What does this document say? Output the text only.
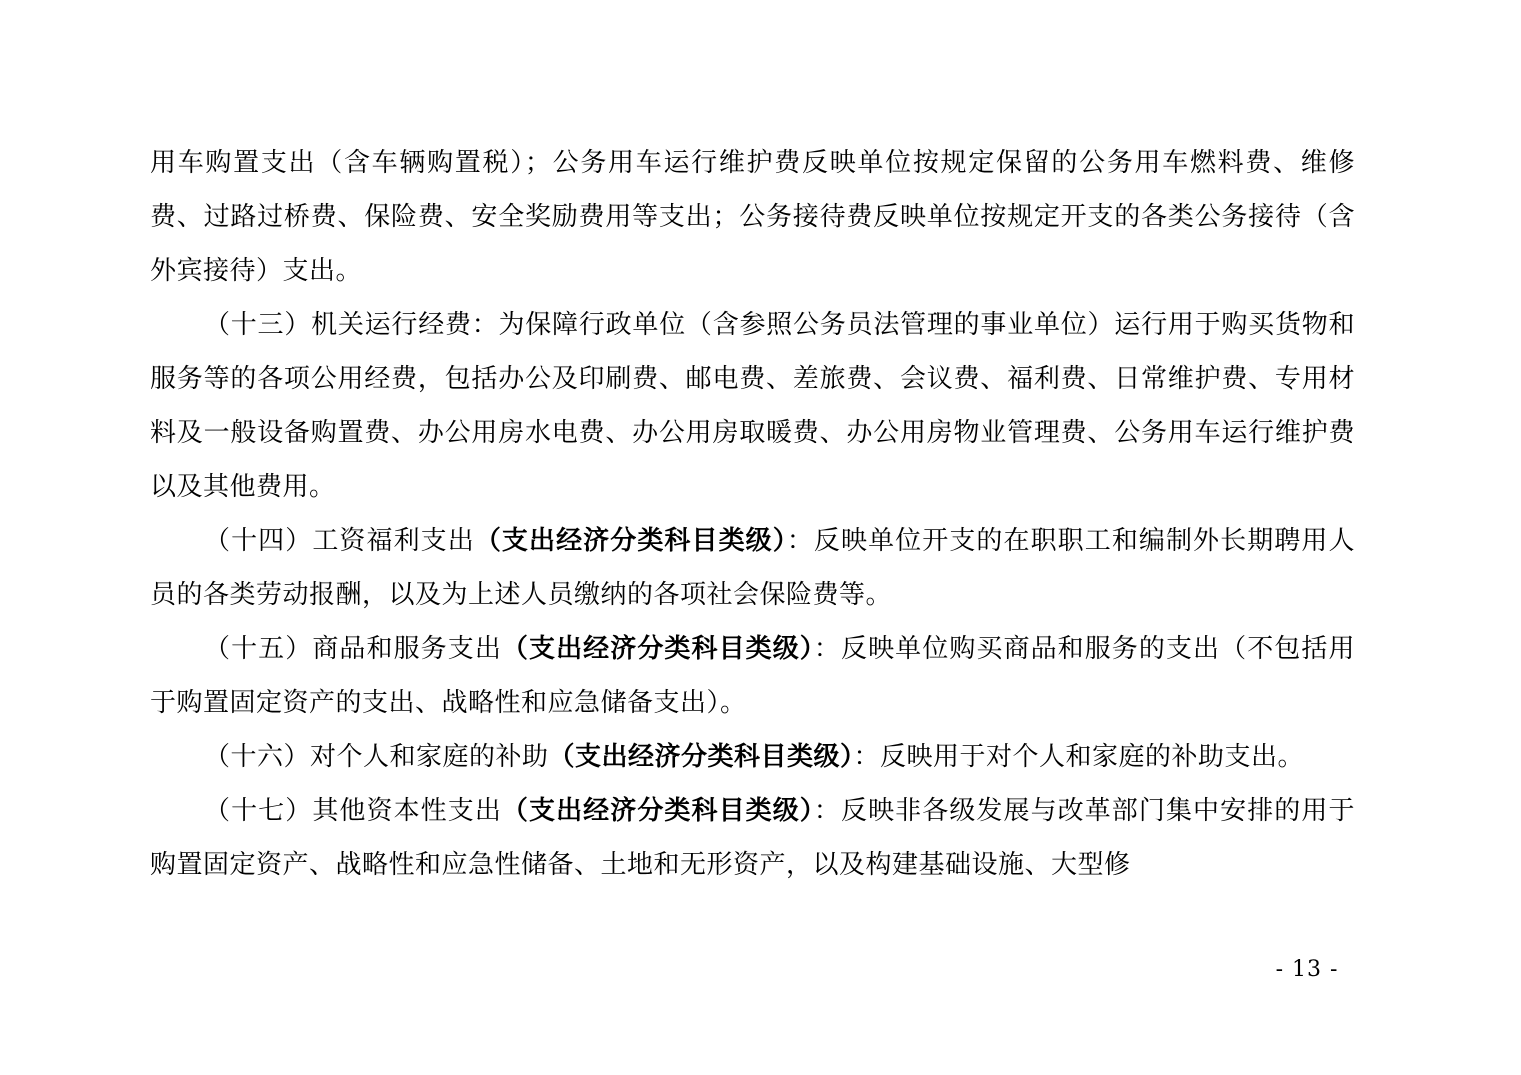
用车购置支出（含车辆购置税）；公务用车运行维护费反映单位按规定保留的公务用车燃料费、维修费、过路过桥费、保险费、安全奖励费用等支出；公务接待费反映单位按规定开支的各类公务接待（含外宾接待）支出。

（十三）机关运行经费：为保障行政单位（含参照公务员法管理的事业单位）运行用于购买货物和服务等的各项公用经费，包括办公及印刷费、邮电费、差旅费、会议费、福利费、日常维护费、专用材料及一般设备购置费、办公用房水电费、办公用房取暖费、办公用房物业管理费、公务用车运行维护费以及其他费用。

（十四）工资福利支出（支出经济分类科目类级）：反映单位开支的在职职工和编制外长期聘用人员的各类劳动报酬，以及为上述人员缴纳的各项社会保险费等。

（十五）商品和服务支出（支出经济分类科目类级）：反映单位购买商品和服务的支出（不包括用于购置固定资产的支出、战略性和应急储备支出）。

（十六）对个人和家庭的补助（支出经济分类科目类级）：反映用于对个人和家庭的补助支出。

（十七）其他资本性支出（支出经济分类科目类级）：反映非各级发展与改革部门集中安排的用于购置固定资产、战略性和应急性储备、土地和无形资产，以及构建基础设施、大型修

- 13 -
